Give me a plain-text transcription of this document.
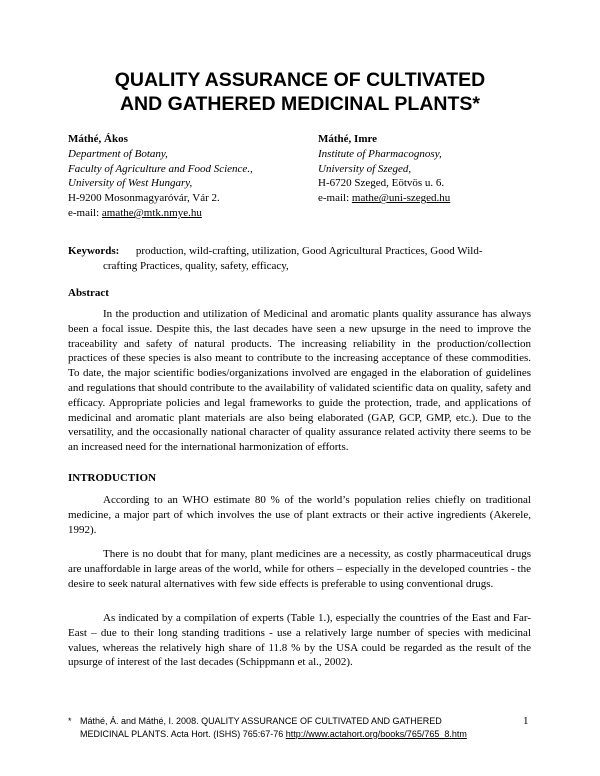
QUALITY ASSURANCE OF CULTIVATED
AND GATHERED MEDICINAL PLANTS*
Máthé, Ákos
Department of Botany,
Faculty of Agriculture and Food Science.,
University of West Hungary,
H-9200 Mosonmagyaróvár, Vár 2.
e-mail: amathe@mtk.nmye.hu
Máthé, Imre
Institute of Pharmacognosy,
University of Szeged,
H-6720 Szeged, Eötvös u. 6.
e-mail: mathe@uni-szeged.hu
Keywords: production, wild-crafting, utilization, Good Agricultural Practices, Good Wild-
crafting Practices, quality, safety, efficacy,
Abstract
In the production and utilization of Medicinal and aromatic plants quality assurance has always been a focal issue. Despite this, the last decades have seen a new upsurge in the need to improve the traceability and safety of natural products. The increasing reliability in the production/collection practices of these species is also meant to contribute to the increasing acceptance of these commodities. To date, the major scientific bodies/organizations involved are engaged in the elaboration of guidelines and regulations that should contribute to the availability of validated scientific data on quality, safety and efficacy. Appropriate policies and legal frameworks to guide the protection, trade, and applications of medicinal and aromatic plant materials are also being elaborated (GAP, GCP, GMP, etc.). Due to the versatility, and the occasionally national character of quality assurance related activity there seems to be an increased need for the international harmonization of efforts.
INTRODUCTION
According to an WHO estimate 80 % of the world’s population relies chiefly on traditional medicine, a major part of which involves the use of plant extracts or their active ingredients (Akerele, 1992).
There is no doubt that for many, plant medicines are a necessity, as costly pharmaceutical drugs are unaffordable in large areas of the world, while for others – especially in the developed countries - the desire to seek natural alternatives with few side effects is preferable to using conventional drugs.
As indicated by a compilation of experts (Table 1.), especially the countries of the East and Far-East – due to their long standing traditions - use a relatively large number of species with medicinal values, whereas the relatively high share of 11.8 % by the USA could be regarded as the result of the upsurge of interest of the last decades (Schippmann et al., 2002).
* Máthé, Á. and Máthé, I. 2008. QUALITY ASSURANCE OF CULTIVATED AND GATHERED
MEDICINAL PLANTS. Acta Hort. (ISHS) 765:67-76 http://www.actahort.org/books/765/765_8.htm
1
